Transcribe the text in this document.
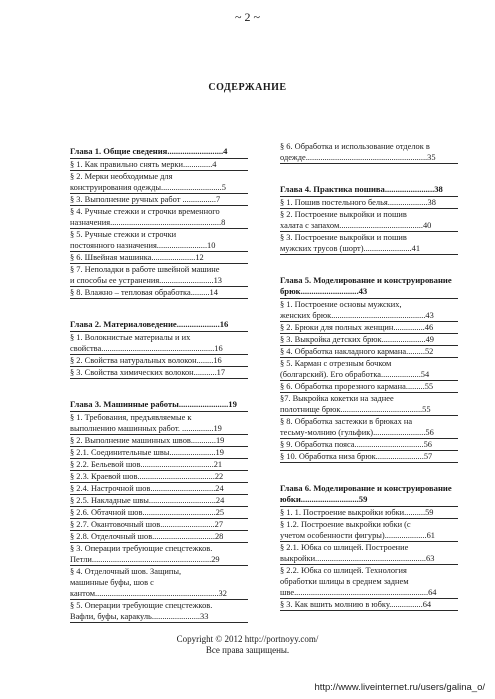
~ 2 ~
СОДЕРЖАНИЕ
Глава 1. Общие сведения..........................4
§ 1. Как правильно снять мерки..............4
§ 2. Мерки необходимые для
конструирования одежды.............................5
§ 3. Выполнение ручных работ ................7
§ 4. Ручные стежки и строчки временного
назначения.....................................................8
§ 5. Ручные стежки и строчки
постоянного назначения........................10
§ 6. Швейная машинка.....................12
§ 7. Неполадки в работе швейной машине
и способы ее устранения..........................13
§ 8. Влажно – тепловая обработка.........14
Глава 2. Материаловедение....................16
§ 1. Волокнистые материалы и их
свойства......................................................16
§ 2. Свойства натуральных волокон........16
§ 3. Свойства химических волокон...........17
Глава 3. Машинные работы.......................19
§ 1. Требования, предъявляемые к
выполнению машинных работ. ...............19
§ 2. Выполнение машинных швов............19
§ 2.1. Соединительные швы......................19
§ 2.2. Бельевой шов...................................21
§ 2.3. Краевой шов.....................................22
§ 2.4. Настрочной шов...............................24
§ 2.5. Накладные швы................................24
§ 2.6. Обтачной шов...................................25
§ 2.7. Окантовочный шов..........................27
§ 2.8. Отделочный шов..............................28
§ 3. Операции требующие спецстежков.
Петли.........................................................29
§ 4. Отделочный шов. Защипы,
машинные буфы, шов с
кантом...........................................................32
§ 5. Операции требующие спецстежков.
Вафли, буфы, каракуль.......................33
§ 6. Обработка и использование отделок в
одежде..........................................................35
Глава 4. Практика пошива.......................38
§ 1. Пошив постельного белья...................38
§ 2. Построение выкройки и пошив
халата с запахом........................................40
§ 3. Построение выкройки и пошив
мужских трусов (шорт).......................41
Глава 5. Моделирование и конструирование брюк...........................43
§ 1. Построение основы мужских,
женских брюк.............................................43
§ 2. Брюки для полных женщин...............46
§ 3. Выкройка детских брюк.....................49
§ 4. Обработка накладного кармана.........52
§ 5. Карман с отрезным бочком
(болгарский). Его обработка...................54
§ 6. Обработка прорезного кармана.........55
§7. Выкройка кокетки на заднее
полотнище брюк.......................................55
§ 8. Обработка застежки в брюках на
тесьму-молнию (гульфик).........................56
§ 9. Обработка пояса.................................56
§ 10. Обработка низа брюк.......................57
Глава 6. Моделирование и конструирование юбки...........................59
§ 1. 1. Построение выкройки юбки..........59
§ 1.2. Построение выкройки юбки (с
учетом особенности фигуры)....................61
§ 2.1. Юбка со шлицей. Построение
выкройки.....................................................63
§ 2.2. Юбка со шлицей. Технология
обработки шлицы в среднем заднем
шве................................................................64
§ 3. Как вшить молнию в юбку................64
Copyright © 2012 http://portnoyy.com/
Все права защищены.
http://www.liveinternet.ru/users/galina_o/
